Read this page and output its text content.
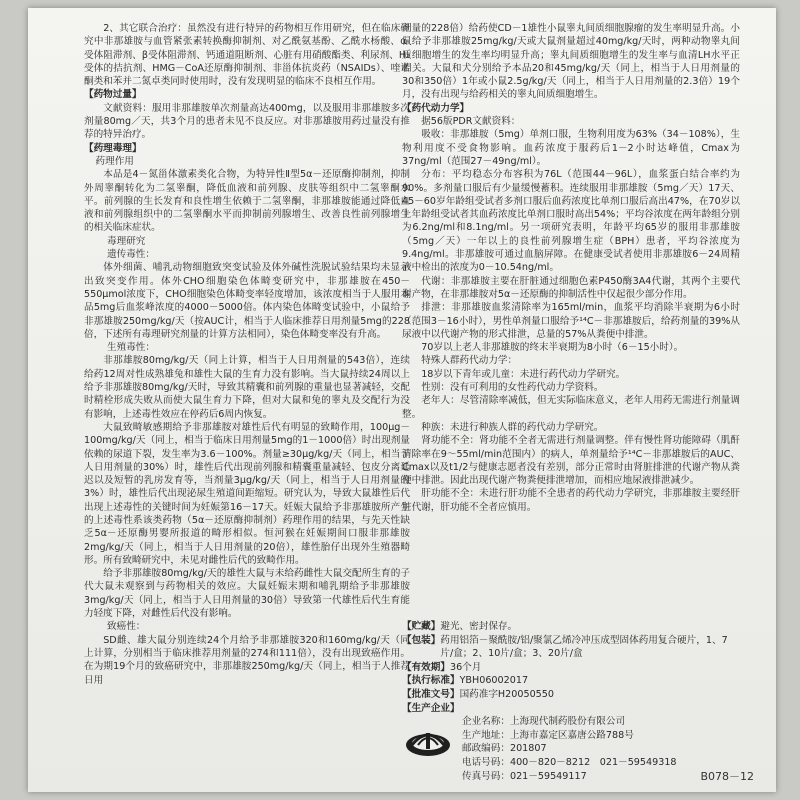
2、其它联合治疗：虽然没有进行特异的药物相互作用研究，但在临床研究中非那雄胺与血管紧张素转换酶抑制剂、对乙酰氨基酚、乙酰水杨酸、α-受体阻滞剂、β受体阻滞剂、钙通道阻断剂、心脏有用硝酸酯类、利尿剂、H₂受体的拮抗剂、HMG－CoA还原酶抑制剂、非甾体抗炎药（NSAIDs）、喹诺酮类和苯并二氮卓类同时使用时，没有发现明显的临床不良相互作用。

【药物过量】

文献资料：服用非那雄胺单次剂量高达400mg，以及服用非那雄胺多次剂量80mg／天，共3个月的患者未见不良反应。对非那雄胺用药过量没有推荐的特异治疗。

【药理毒理】

药理作用

本品是4－氮甾体激素类化合物，为特异性Ⅱ型5α－还原酶抑制剂，抑制外周睾酮转化为二氢睾酮，降低血液和前列腺、皮肤等组织中二氢睾酮水平。前列腺的生长发育和良性增生依赖于二氢睾酮，非那雄胺能通过降低血液和前列腺组织中的二氢睾酮水平而抑制前列腺增生、改善良性前列腺增生的相关临床症状。

毒理研究

遗传毒性：

体外细菌、哺乳动物细胞致突变试验及体外碱性洗脱试验结果均未显示出致突变作用。体外CHO细胞染色体畸变研究中，非那雄胺在450－550μmol浓度下，CHO细胞染色体畸变率轻度增加，该浓度相当于人服用本品5mg后血浆峰浓度的4000－5000倍。体内染色体畸变试验中，小鼠给予非那雄胺250mg/kg/天（按AUC计，相当于人临床推荐日用剂量5mg的228倍，下述所有毒理研究剂量的计算方法相同），染色体畸变率没有升高。

生殖毒性：

非那雄胺80mg/kg/天（同上计算，相当于人日用剂量的543倍），连续给药12周对性成熟雄兔和雄性大鼠的生育力没有影响。当大鼠持续24周以上给予非那雄胺80mg/kg/天时，导致其精囊和前列腺的重量也显著减轻，交配时精栓形成失败从而使大鼠生育力下降，但对大鼠和兔的睾丸及交配行为没有影响，上述毒性效应在停药后6周内恢复。

大鼠致畸敏感期给予非那雄胺对雄性后代有明显的致畸作用，100μg－100mg/kg/天（同上，相当于临床日用剂量5mg的1－1000倍）时出现剂量依赖的尿道下裂，发生率为3.6－100%。剂量≥30μg/kg/天（同上，相当于人日用剂量的30%）时，雄性后代出现前列腺和精囊重量减轻、包皮分离延迟以及短暂的乳房发育等，当剂量3μg/kg/天（同上，相当于人日用剂量的3%）时，雄性后代出现泌尿生殖道间距缩短。研究认为，导致大鼠雄性后代出现上述毒性的关键时间为妊娠第16－17天。妊娠大鼠给予非那雄胺所产生的上述毒性系该类药物（5α－还原酶抑制剂）药理作用的结果，与先天性缺乏5α－还原酶男婴所报道的畸形相似。恒河猴在妊娠期间口服非那雄胺2mg/kg/天（同上，相当于人日用剂量的20倍），雄性胎仔出现外生殖器畸形。所有致畸研究中，未见对雌性后代的致畸作用。

给予非那雄胺80mg/kg/天的雄性大鼠与未给药雌性大鼠交配所生育的子代大鼠未观察到与药物相关的效应。大鼠妊娠末期和哺乳期给予非那雄胺3mg/kg/天（同上，相当于人日用剂量的30倍）导致第一代雄性后代生育能力轻度下降，对雌性后代没有影响。

致癌性：

SD雌、雄大鼠分别连续24个月给予非那雄胺320和160mg/kg/天（同上计算，分别相当于临床推荐用剂量的274和111倍），没有出现致癌作用。在为期19个月的致癌研究中，非那雄胺250mg/kg/天（同上，相当于人推荐日用

剂量的228倍）给药使CD－1雄性小鼠睾丸间质细胞腺瘤的发生率明显升高。小鼠给予非那雄胺25mg/kg/天或大鼠剂量超过40mg/kg/天时，两种动物睾丸间质细胞增生的发生率均明显升高；睾丸间质细胞增生的发生率与血清LH水平正相关。大鼠和犬分别给予本品20和45mg/kg/天（同上，相当于人日用剂量的30和350倍）1年或小鼠2.5g/kg/天（同上，相当于人日用剂量的2.3倍）19个月，没有出现与给药相关的睾丸间质细胞增生。

【药代动力学】

据56版PDR文献资料：

吸收：非那雄胺（5mg）单剂口服，生物利用度为63%（34－108%），生物利用度不受食物影响。血药浓度于服药后1－2小时达峰值，Cmax为37ng/ml（范围27－49ng/ml）。

分布：平均稳态分布容积为76L（范围44－96L），血浆蛋白结合率约为90%。多剂量口服后有少量缓慢蓄积。连续服用非那雄胺（5mg／天）17天、45－60岁年龄组受试者多剂口服后血药浓度比单剂口服后高出47%，在70岁以上年龄组受试者其血药浓度比单剂口服时高出54%；平均谷浓度在两年龄组分别为6.2ng/ml和8.1ng/ml。另一项研究表明，年龄平均65岁的服用非那雄胺（5mg／天）一年以上的良性前列腺增生症（BPH）患者，平均谷浓度为9.4ng/ml。非那雄胺可通过血脑屏障。在健康受试者使用非那雄胺6－24周精液中检出的浓度为0－10.54ng/ml。

代谢：非那雄胺主要在肝脏通过细胞色素P450酶3A4代谢，其两个主要代谢产物，在非那雄胺对5α－还原酶的抑制活性中仅起很少部分作用。

排泄：非那雄胺血浆清除率为165ml/min，血浆平均消除半衰期为6小时（范围3－16小时），男性单剂量口服给予¹⁴C－非那雄胺后，给药剂量的39%从尿液中以代谢产物的形式排泄，总量的57%从粪便中排泄。

70岁以上老人非那雄胺的终末半衰期为8小时（6－15小时）。

特殊人群药代动力学：

18岁以下青年或儿童：未进行药代动力学研究。

性别：没有可利用的女性药代动力学资料。

老年人：尽管清除率减低，但无实际临床意义，老年人用药无需进行剂量调整。

种族：未进行种族人群的药代动力学研究。

肾功能不全：肾功能不全者无需进行剂量调整。伴有慢性肾功能障碍（肌酐清除率在9～55ml/min范围内）的病人，单剂量给予¹⁴C－非那雄胺后的AUC、Cmax以及t1/2与健康志愿者没有差别，部分正常时由肾脏排泄的代谢产物从粪便中排泄。因此出现代谢产物粪便排泄增加，而相应地尿液排泄减少。

肝功能不全：未进行肝功能不全患者的药代动力学研究，非那雄胺主要经肝脏代谢，肝功能不全者应慎用。

【贮藏】 避光、密封保存。
【包装】 药用铝箔－聚酰胺/铝/聚氯乙烯冷冲压成型固体药用复合硬片，1、7片/盒；2、10片/盒；3、20片/盒
【有效期】 36个月
【执行标准】 YBH06002017
【批准文号】 国药准字H20050550
【生产企业】
企业名称： 上海现代制药股份有限公司
生产地址： 上海市嘉定区嘉唐公路788号
邮政编码： 201807
电话号码： 400－820－8212　021－59549318
传真号码： 021－59549117	B078－12
